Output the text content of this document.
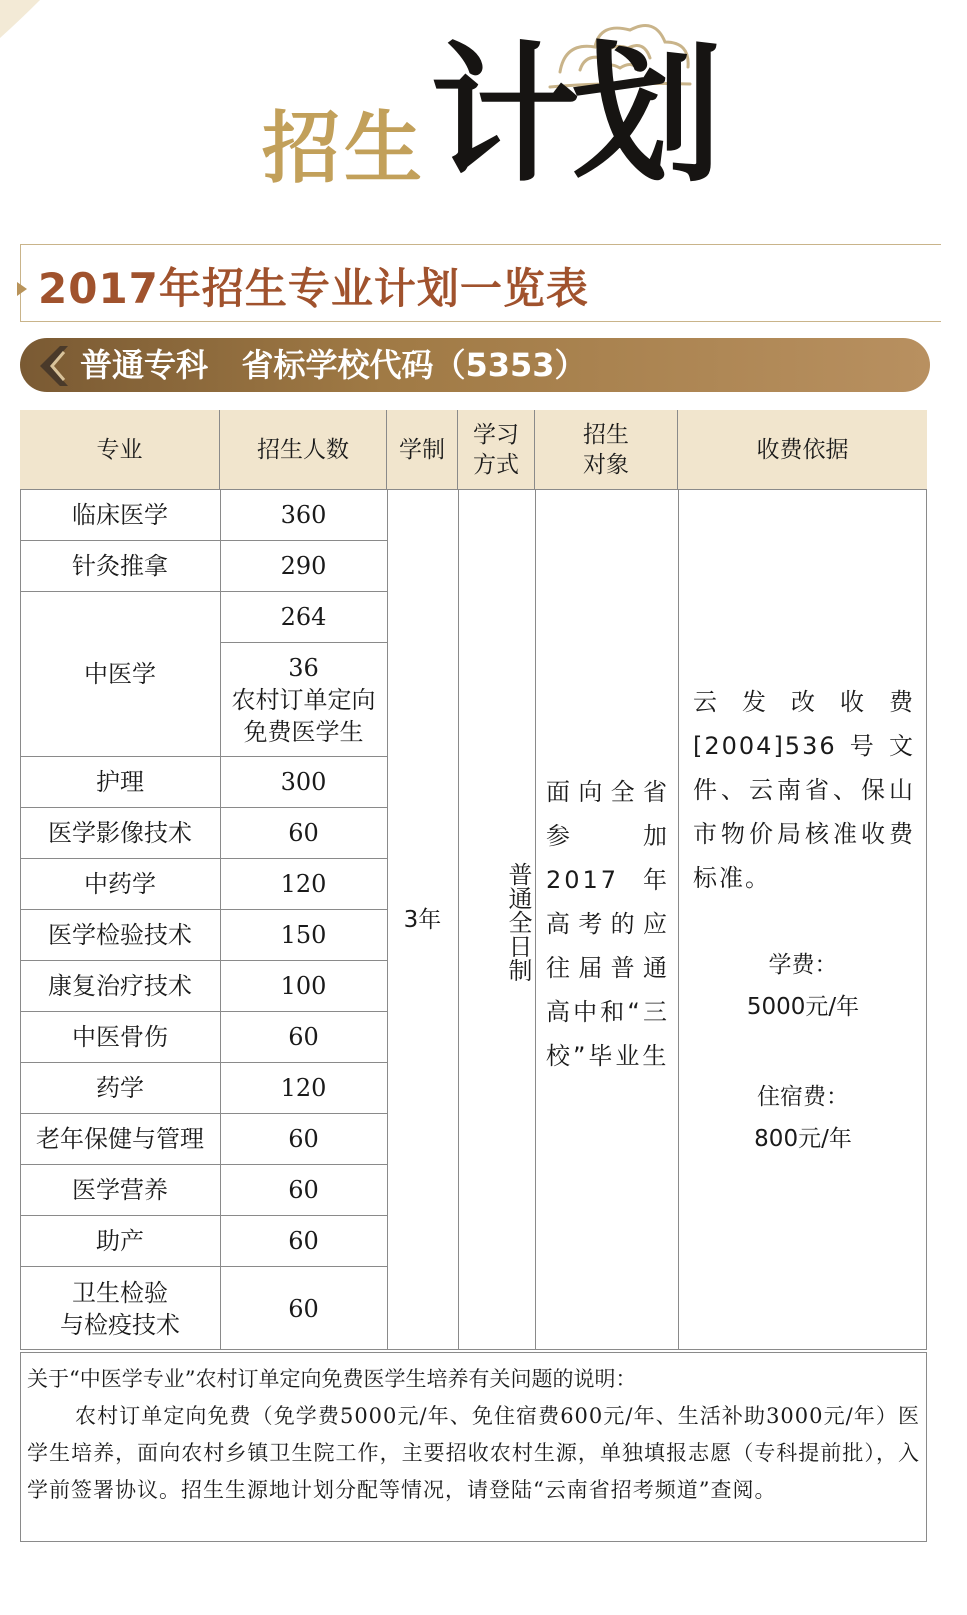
招生 计划
2017年招生专业计划一览表
普通专科 省标学校代码（5353）
专业	招生人数 学制
学习
方式
招生
对象
收费依据
临床医学
针灸推拿
中医学
护理
医学影像技术
中药学
医学检验技术
康复治疗技术
中医骨伤
药学
老年保健与管理
医学营养
助产
卫生检验
与检疫技术
360
290
264
36
农村订单定向
免费医学生
300
60
120
150
100
60
120
60
60
60
60
3年	普通全日制
面向全省参加2017年高考的应往届普通高中和“三校”毕业生
云发改收费[2004]536号文件、云南省、保山市物价局核准收费标准。
学费：
5000元/年
住宿费：
800元/年

关于“中医学专业”农村订单定向免费医学生培养有关问题的说明：

农村订单定向免费（免学费5000元/年、免住宿费600元/年、生活补助3000元/年）医学生培养，面向农村乡镇卫生院工作，主要招收农村生源，单独填报志愿（专科提前批），入学前签署协议。招生生源地计划分配等情况，请登陆“云南省招考频道”查阅。
